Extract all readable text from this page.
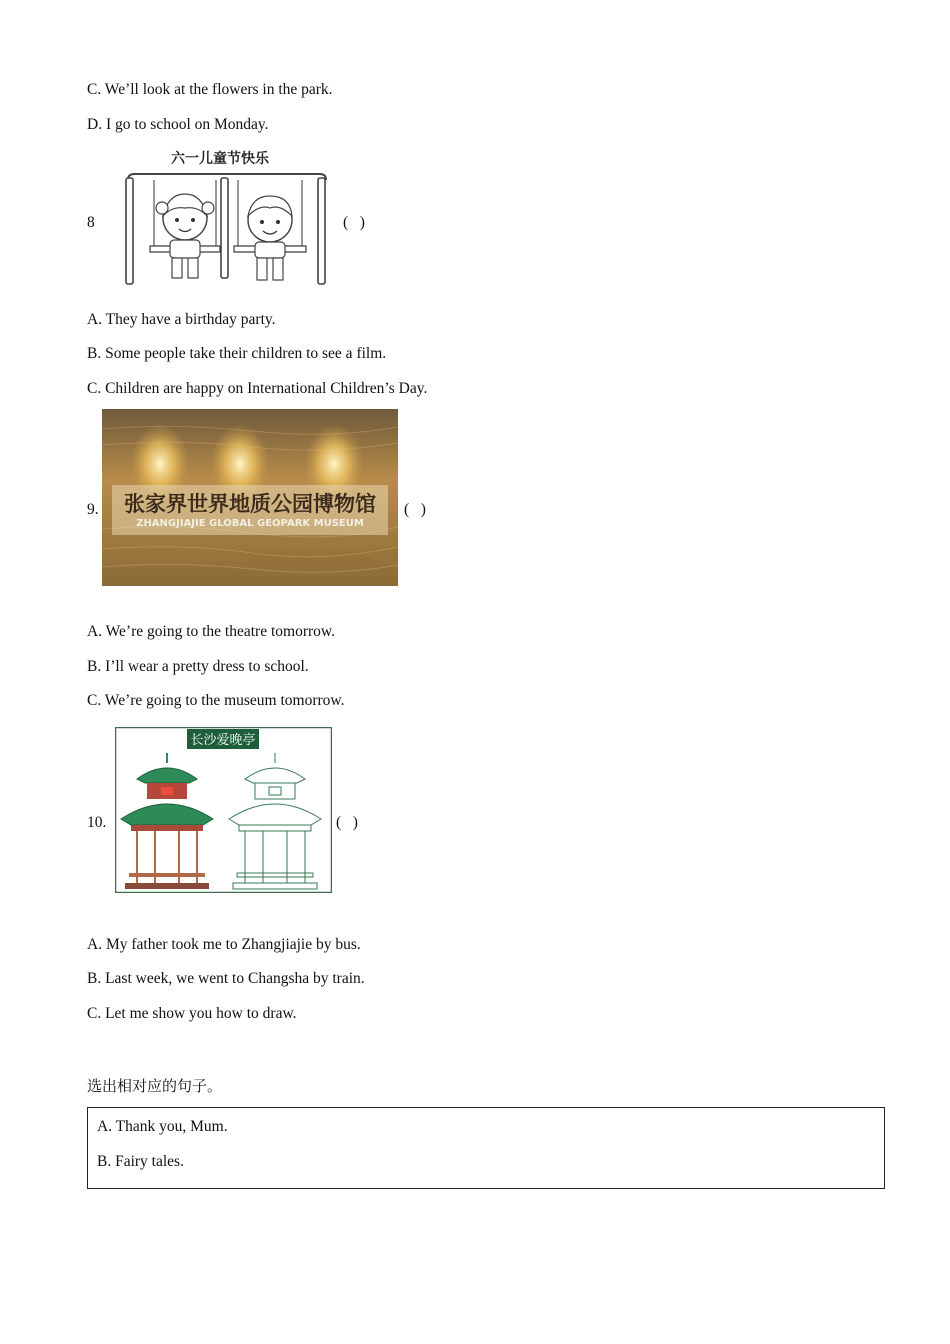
C. We’ll look at the flowers in the park.
D. I go to school on Monday.
8
六一儿童节快乐
(   )
A. They have a birthday party.
B. Some people take their children to see a film.
C. Children are happy on International Children’s Day.
9. 张家界世界地质公园博物馆
ZHANGJIAJIE GLOBAL GEOPARK MUSEUM
(   )
A. We’re going to the theatre tomorrow.
B. I’ll wear a pretty dress to school.
C. We’re going to the museum tomorrow.
10.
长沙爱晚亭
(   )
A. My father took me to Zhangjiajie by bus.
B. Last week, we went to Changsha by train.
C. Let me show you how to draw.
选出相对应的句子。
A. Thank you, Mum.
B. Fairy tales.
